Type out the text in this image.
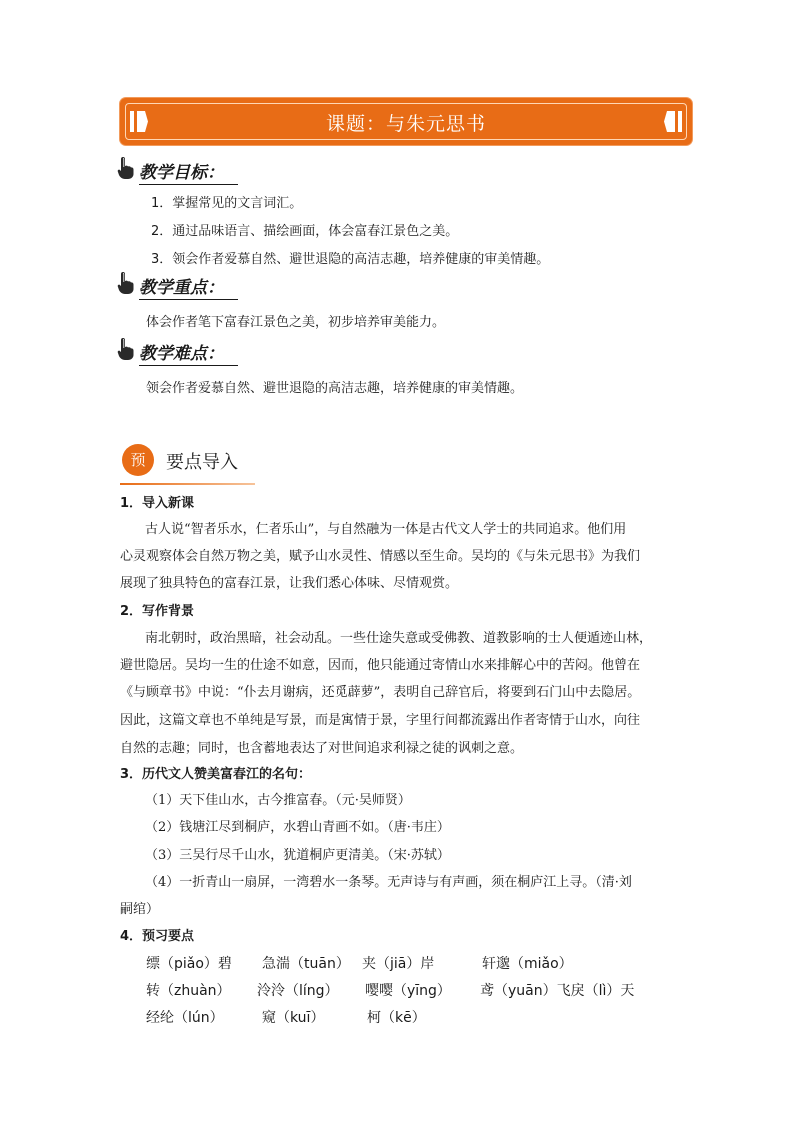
课题：与朱元思书
教学目标：
1．掌握常见的文言词汇。
2．通过品味语言、描绘画面，体会富春江景色之美。
3．领会作者爱慕自然、避世退隐的高洁志趣，培养健康的审美情趣。
教学重点：
体会作者笔下富春江景色之美，初步培养审美能力。
教学难点：
领会作者爱慕自然、避世退隐的高洁志趣，培养健康的审美情趣。
预	要点导入
1．导入新课
古人说“智者乐水，仁者乐山”，与自然融为一体是古代文人学士的共同追求。他们用
心灵观察体会自然万物之美，赋予山水灵性、情感以至生命。吴均的《与朱元思书》为我们
展现了独具特色的富春江景，让我们悉心体味、尽情观赏。
2．写作背景
南北朝时，政治黑暗，社会动乱。一些仕途失意或受佛教、道教影响的士人便遁迹山林，
避世隐居。吴均一生的仕途不如意，因而，他只能通过寄情山水来排解心中的苦闷。他曾在
《与顾章书》中说：“仆去月谢病，还觅薜萝”，表明自己辞官后，将要到石门山中去隐居。
因此，这篇文章也不单纯是写景，而是寓情于景，字里行间都流露出作者寄情于山水，向往
自然的志趣；同时，也含蓄地表达了对世间追求利禄之徒的讽刺之意。
3．历代文人赞美富春江的名句：
（1）天下佳山水，古今推富春。（元·吴师贤）
（2）钱塘江尽到桐庐，水碧山青画不如。（唐·韦庄）
（3）三吴行尽千山水，犹道桐庐更清美。（宋·苏轼）
（4）一折青山一扇屏，一湾碧水一条琴。无声诗与有声画，须在桐庐江上寻。（清·刘
嗣绾）
4．预习要点
缥（piǎo）碧 急湍（tuān） 夹（jiā）岸	轩邈（miǎo）
转（zhuàn） 泠泠（líng） 嘤嘤（yīng） 鸢（yuān）飞戾（lì）天
经纶（lún）	窥（kuī）	柯（kē）
